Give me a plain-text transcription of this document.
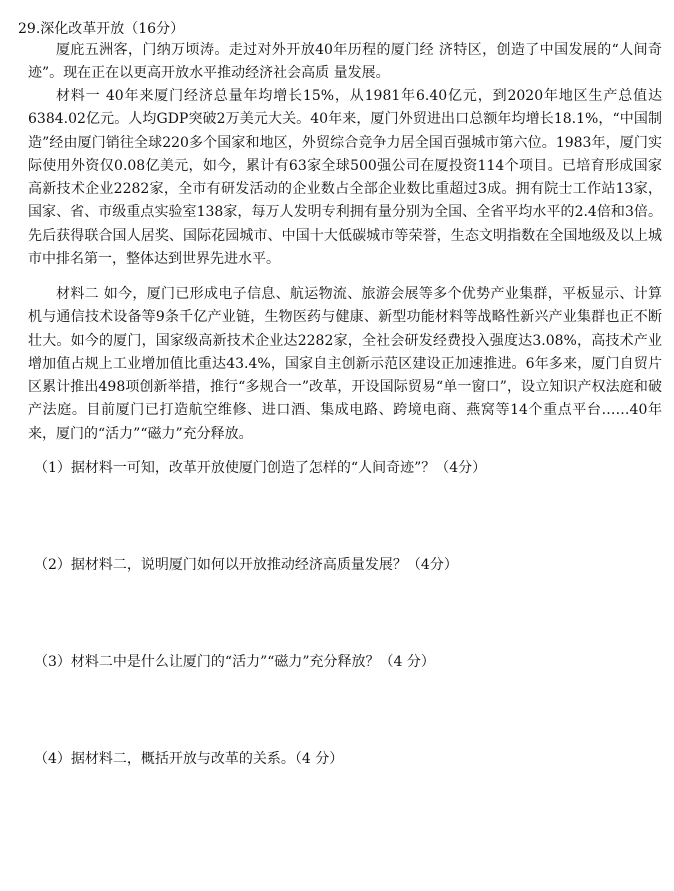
29.深化改革开放（16分）

厦庇五洲客，门纳万顷涛。走过对外开放40年历程的厦门经 济特区，创造了中国发展的“人间奇迹”。现在正在以更高开放水平推动经济社会高质 量发展。

材料一 40年来厦门经济总量年均增长15%，从1981年6.40亿元，到2020年地区生产总值达6384.02亿元。人均GDP突破2万美元大关。40年来，厦门外贸进出口总额年均增长18.1%，“中国制造”经由厦门销往全球220多个国家和地区，外贸综合竞争力居全国百强城市第六位。1983年，厦门实际使用外资仅0.08亿美元，如今，累计有63家全球500强公司在厦投资114个项目。已培育形成国家高新技术企业2282家，全市有研发活动的企业数占全部企业数比重超过3成。拥有院士工作站13家，国家、省、市级重点实验室138家，每万人发明专利拥有量分别为全国、全省平均水平的2.4倍和3倍。先后获得联合国人居奖、国际花园城市、中国十大低碳城市等荣誉，生态文明指数在全国地级及以上城市中排名第一，整体达到世界先进水平。

材料二 如今，厦门已形成电子信息、航运物流、旅游会展等多个优势产业集群，平板显示、计算机与通信技术设备等9条千亿产业链，生物医药与健康、新型功能材料等战略性新兴产业集群也正不断壮大。如今的厦门，国家级高新技术企业达2282家，全社会研发经费投入强度达3.08%，高技术产业增加值占规上工业增加值比重达43.4%，国家自主创新示范区建设正加速推进。6年多来，厦门自贸片区累计推出498项创新举措，推行“多规合一”改革，开设国际贸易“单一窗口”，设立知识产权法庭和破产法庭。目前厦门已打造航空维修、进口酒、集成电路、跨境电商、燕窝等14个重点平台……40年来，厦门的“活力”“磁力”充分释放。

（1）据材料一可知，改革开放使厦门创造了怎样的“人间奇迹”？（4分）
（2）据材料二，说明厦门如何以开放推动经济高质量发展？（4分）
（3）材料二中是什么让厦门的“活力”“磁力”充分释放？（4 分）
（4）据材料二，概括开放与改革的关系。（4 分）
